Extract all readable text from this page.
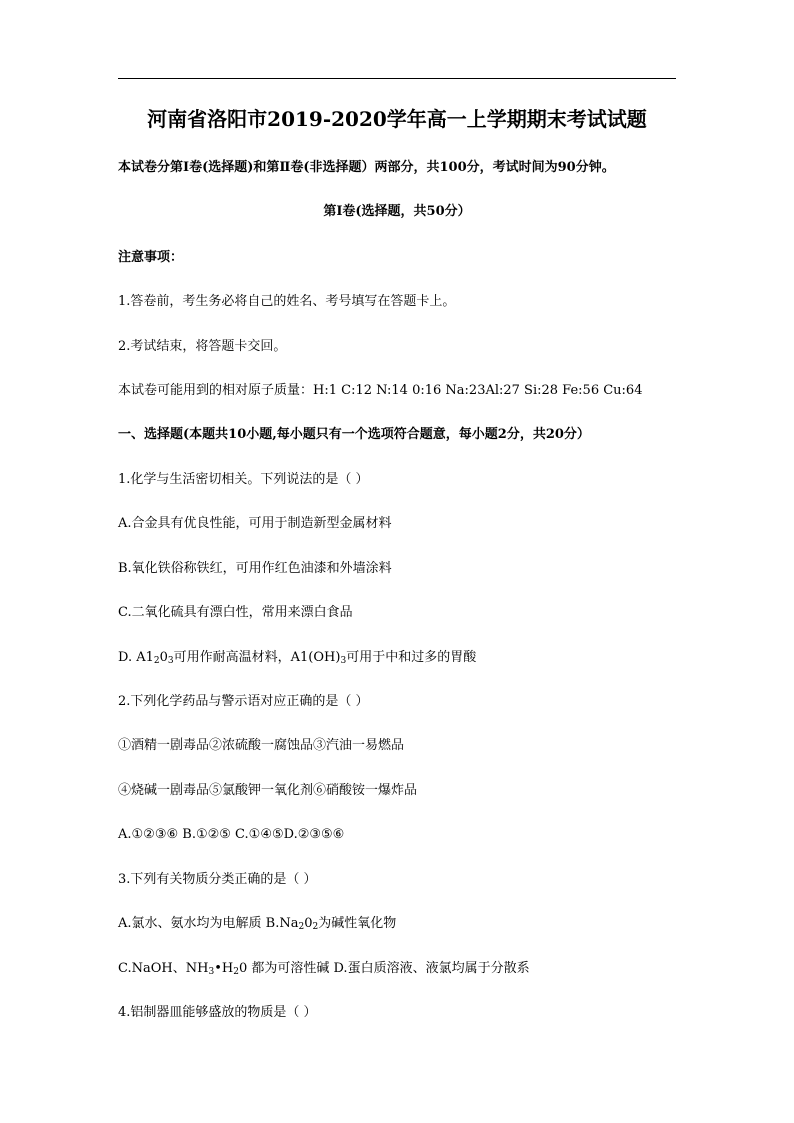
河南省洛阳市2019-2020学年高一上学期期末考试试题
本试卷分第Ⅰ卷(选择题)和第Ⅱ卷(非选择题）两部分，共100分，考试时间为90分钟。
第Ⅰ卷(选择题，共50分）
注意事项：
1.答卷前，考生务必将自己的姓名、考号填写在答题卡上。
2.考试结束，将答题卡交回。
本试卷可能用到的相对原子质量：H:1 C:12 N:14 0:16 Na:23Al:27 Si:28 Fe:56 Cu:64
一、选择题(本题共10小题,每小题只有一个选项符合题意，每小题2分，共20分）
1.化学与生活密切相关。下列说法的是（ ）
A.合金具有优良性能，可用于制造新型金属材料
B.氧化铁俗称铁红，可用作红色油漆和外墙涂料
C.二氧化硫具有漂白性，常用来漂白食品
D. $A1_20_3$可用作耐高温材料，$A1(OH)_3$可用于中和过多的胃酸
2.下列化学药品与警示语对应正确的是（ ）
①酒精一剧毒品②浓硫酸一腐蚀品③汽油一易燃品
④烧碱一剧毒品⑤氯酸钾一氧化剂⑥硝酸铵一爆炸品
A.①②③⑥ B.①②⑤ C.①④⑤D.②③⑤⑥
3.下列有关物质分类正确的是（ ）
A.氯水、氨水均为电解质 $B.Na_20_2$为碱性氧化物
C.NaOH、$NH_3•H_20$ 都为可溶性碱 D.蛋白质溶液、液氯均属于分散系
4.铝制器皿能够盛放的物质是（ ）
